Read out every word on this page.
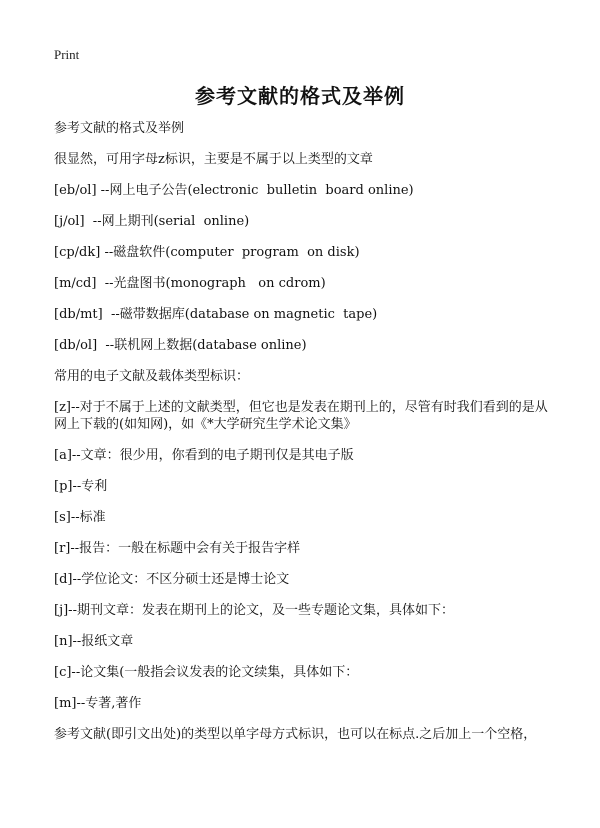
Print
参考文献的格式及举例
参考文献的格式及举例
很显然，可用字母z标识，主要是不属于以上类型的文章
[eb/ol] --网上电子公告(electronic  bulletin  board online)
[j/ol]  --网上期刊(serial  online)
[cp/dk] --磁盘软件(computer  program  on disk)
[m/cd]  --光盘图书(monograph   on cdrom)
[db/mt]  --磁带数据库(database on magnetic  tape)
[db/ol]  --联机网上数据(database online)
常用的电子文献及载体类型标识：
[z]--对于不属于上述的文献类型，但它也是发表在期刊上的，尽管有时我们看到的是从网上下载的(如知网)，如《*大学研究生学术论文集》
[a]--文章：很少用，你看到的电子期刊仅是其电子版
[p]--专利
[s]--标准
[r]--报告：一般在标题中会有关于报告字样
[d]--学位论文：不区分硕士还是博士论文
[j]--期刊文章：发表在期刊上的论文，及一些专题论文集，具体如下：
[n]--报纸文章
[c]--论文集(一般指会议发表的论文续集，具体如下：
[m]--专著,著作
参考文献(即引文出处)的类型以单字母方式标识，也可以在标点.之后加上一个空格，
